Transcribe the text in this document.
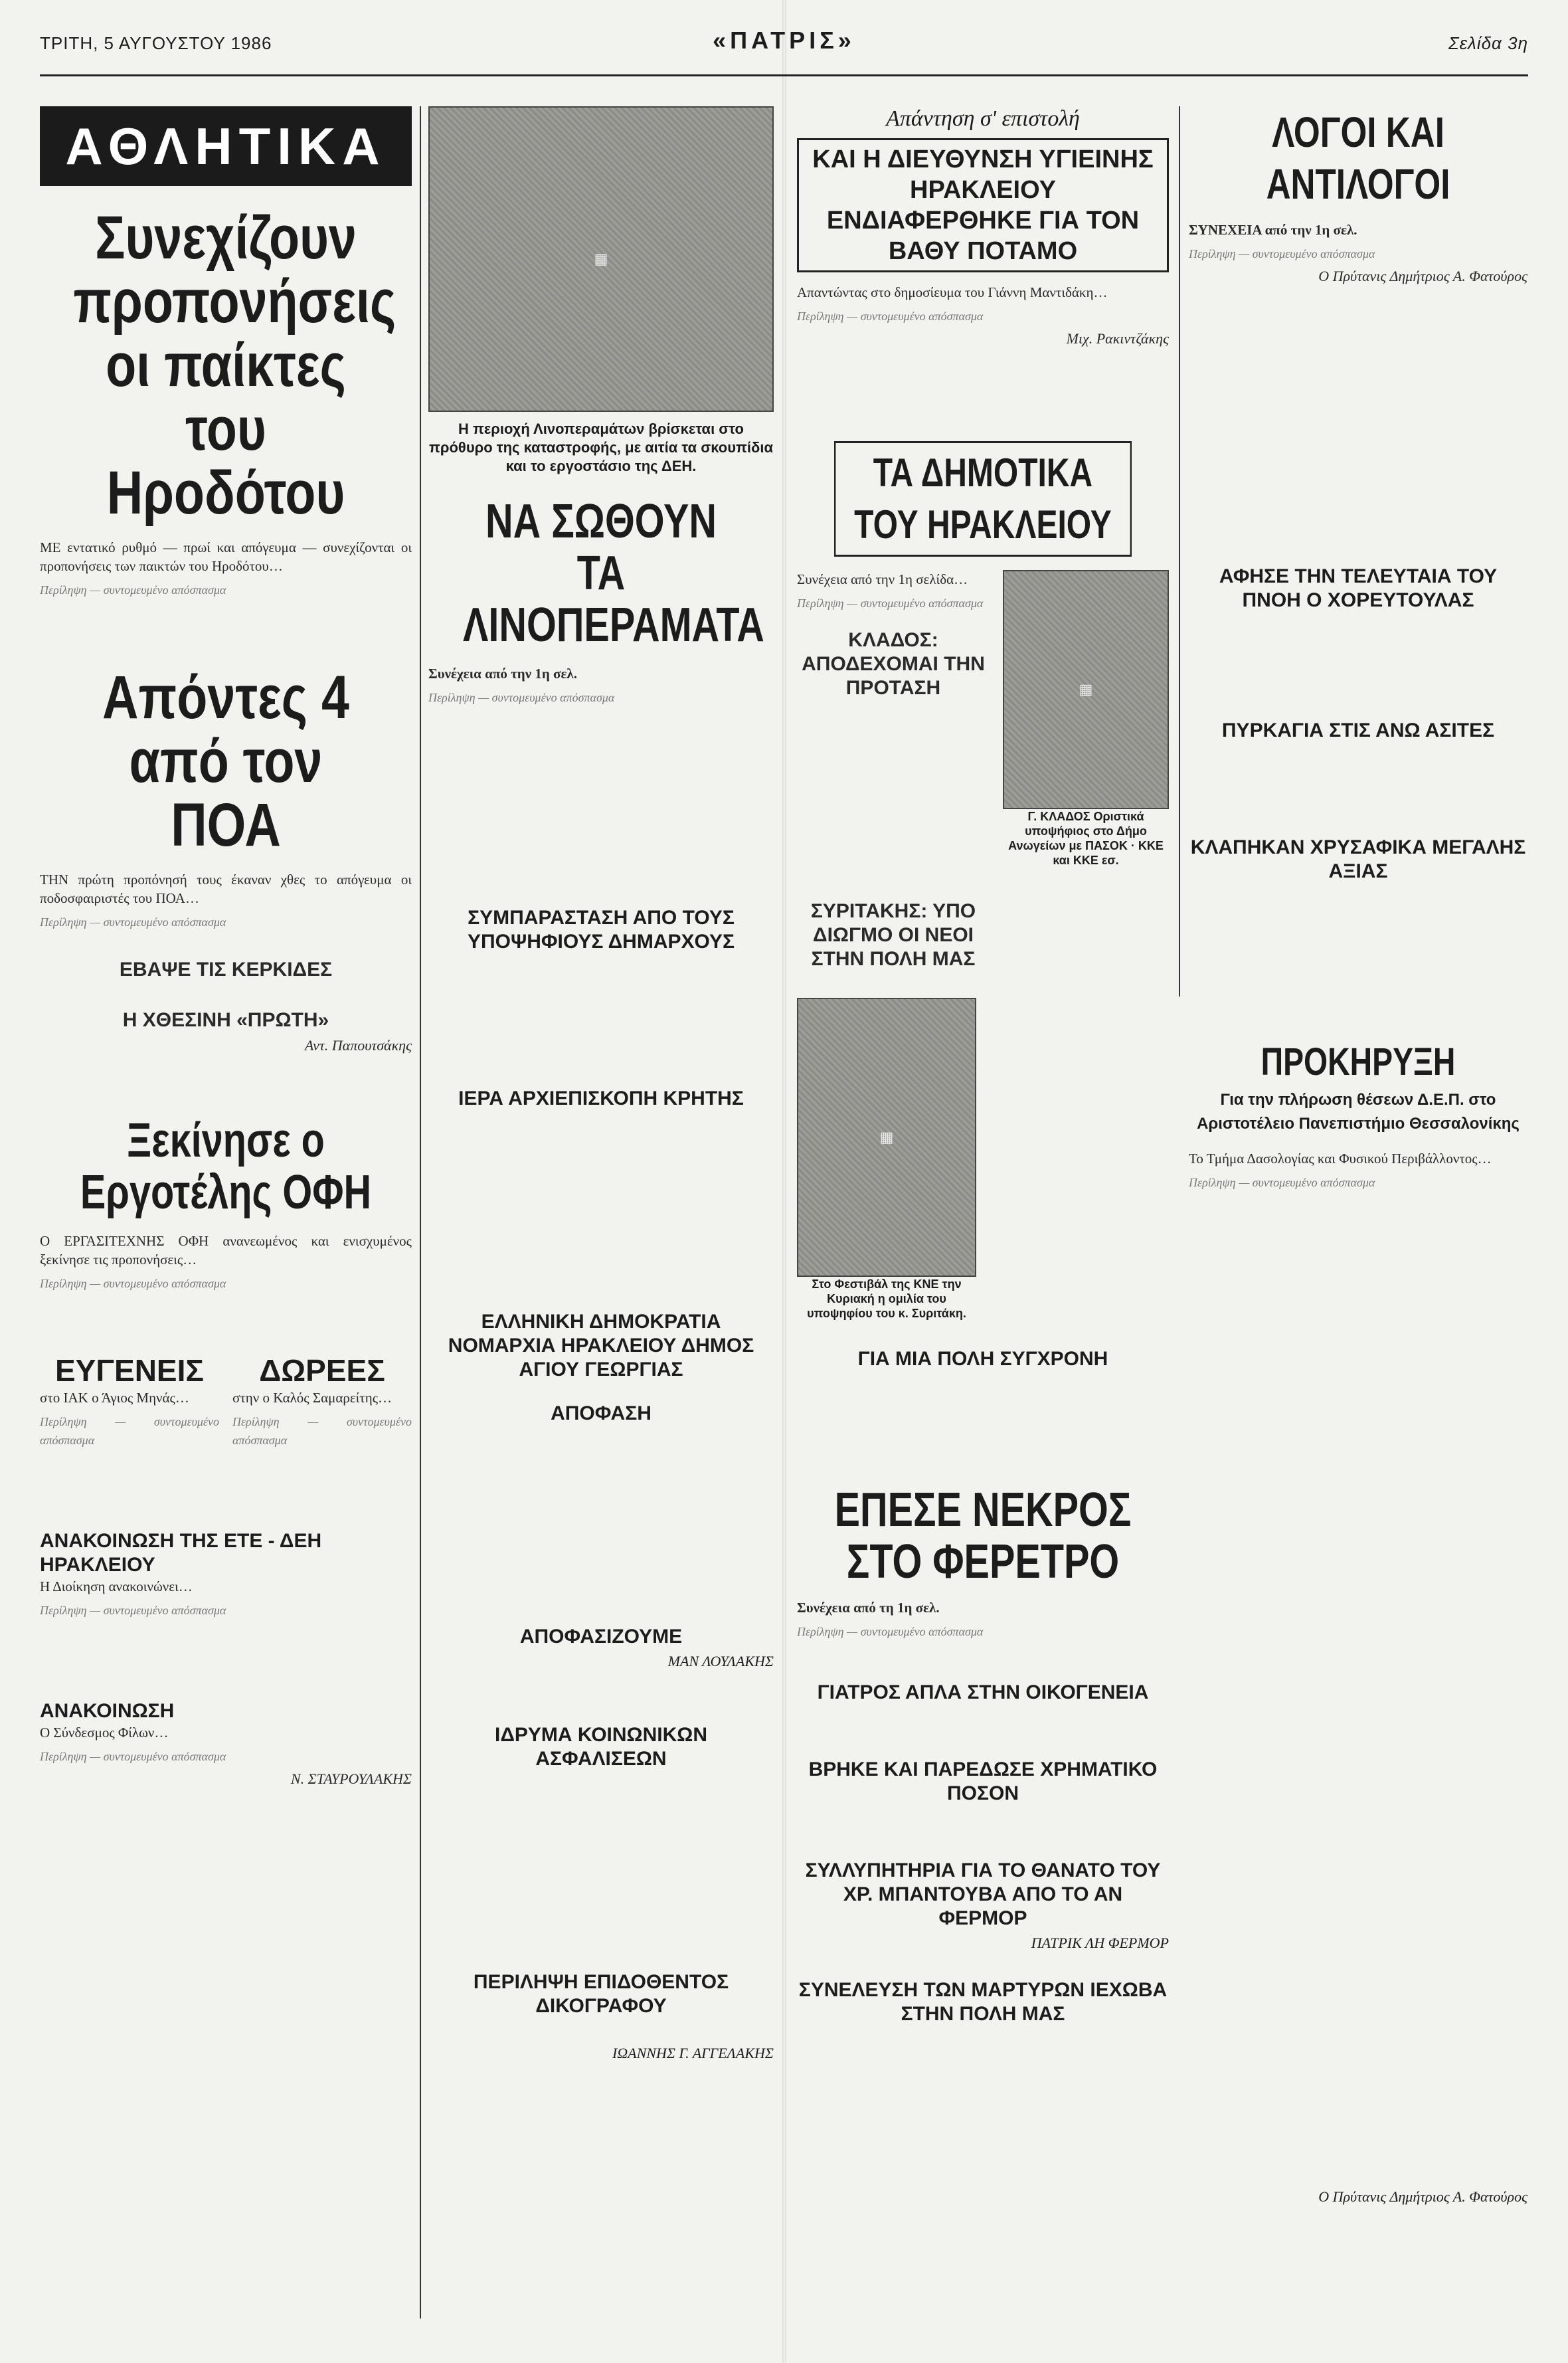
ΤΡΙΤΗ, 5 ΑΥΓΟΥΣΤΟΥ 1986	«ΠΑΤΡΙΣ»	Σελίδα 3η
ΑΘΛΗΤΙΚΑ
Συνεχίζουν προπονήσεις οι παίκτες του Ηροδότου
ΜΕ εντατικό ρυθμό — πρωί και απόγευμα — συνεχίζονται οι προπονήσεις των παικτών του Ηροδότου…
Περίληψη — συντομευμένο απόσπασμα
Απόντες 4 από τον ΠΟΑ
ΤΗΝ πρώτη προπόνησή τους έκαναν χθες το απόγευμα οι ποδοσφαιριστές του ΠΟΑ…
Περίληψη — συντομευμένο απόσπασμα
ΕΒΑΨΕ ΤΙΣ ΚΕΡΚΙΔΕΣ
Η ΧΘΕΣΙΝΗ «ΠΡΩΤΗ»
Αντ. Παπουτσάκης
Ξεκίνησε ο Εργοτέλης ΟΦΗ
Ο ΕΡΓΑΣΙΤΕΧΝΗΣ ΟΦΗ ανανεωμένος και ενισχυμένος ξεκίνησε τις προπονήσεις…
Περίληψη — συντομευμένο απόσπασμα
ΕΥΓΕΝΕΙΣ
στο ΙΑΚ ο Άγιος Μηνάς…
Περίληψη — συντομευμένο απόσπασμα
ΔΩΡΕΕΣ
στην ο Καλός Σαμαρείτης…
Περίληψη — συντομευμένο απόσπασμα
ΑΝΑΚΟΙΝΩΣΗ ΤΗΣ ΕΤΕ - ΔΕΗ ΗΡΑΚΛΕΙΟΥ
Η Διοίκηση ανακοινώνει…
Περίληψη — συντομευμένο απόσπασμα
ΑΝΑΚΟΙΝΩΣΗ
Ο Σύνδεσμος Φίλων…
Περίληψη — συντομευμένο απόσπασμα
Ν. ΣΤΑΥΡΟΥΛΑΚΗΣ
▦
Η περιοχή Λινοπεραμάτων βρίσκεται στο πρόθυρο της καταστροφής, με αιτία τα σκουπίδια και το εργοστάσιο της ΔΕΗ.
ΝΑ ΣΩΘΟΥΝ ΤΑ ΛΙΝΟΠΕΡΑΜΑΤΑ
Συνέχεια από την 1η σελ.
Περίληψη — συντομευμένο απόσπασμα
ΣΥΜΠΑΡΑΣΤΑΣΗ ΑΠΟ ΤΟΥΣ ΥΠΟΨΗΦΙΟΥΣ ΔΗΜΑΡΧΟΥΣ
ΙΕΡΑ ΑΡΧΙΕΠΙΣΚΟΠΗ ΚΡΗΤΗΣ
ΕΛΛΗΝΙΚΗ ΔΗΜΟΚΡΑΤΙΑ ΝΟΜΑΡΧΙΑ ΗΡΑΚΛΕΙΟΥ ΔΗΜΟΣ ΑΓΙΟΥ ΓΕΩΡΓΙΑΣ
ΑΠΟΦΑΣΗ
ΑΠΟΦΑΣΙΖΟΥΜΕ
ΜΑΝ ΛΟΥΛΑΚΗΣ
ΙΔΡΥΜΑ ΚΟΙΝΩΝΙΚΩΝ ΑΣΦΑΛΙΣΕΩΝ
ΠΕΡΙΛΗΨΗ ΕΠΙΔΟΘΕΝΤΟΣ ΔΙΚΟΓΡΑΦΟΥ
ΙΩΑΝΝΗΣ Γ. ΑΓΓΕΛΑΚΗΣ
Απάντηση σ' επιστολή
ΚΑΙ Η ΔΙΕΥΘΥΝΣΗ ΥΓΙΕΙΝΗΣ ΗΡΑΚΛΕΙΟΥ ΕΝΔΙΑΦΕΡΘΗΚΕ ΓΙΑ ΤΟΝ ΒΑΘΥ ΠΟΤΑΜΟ
Απαντώντας στο δημοσίευμα του Γιάννη Μαντιδάκη…
Περίληψη — συντομευμένο απόσπασμα
Μιχ. Ρακιντζάκης
ΤΑ ΔΗΜΟΤΙΚΑ ΤΟΥ ΗΡΑΚΛΕΙΟΥ
Συνέχεια από την 1η σελίδα…
Περίληψη — συντομευμένο απόσπασμα
ΚΛΑΔΟΣ: ΑΠΟΔΕΧΟΜΑΙ ΤΗΝ ΠΡΟΤΑΣΗ
ΣΥΡΙΤΑΚΗΣ: ΥΠΟ ΔΙΩΓΜΟ ΟΙ ΝΕΟΙ ΣΤΗΝ ΠΟΛΗ ΜΑΣ
▦
Γ. ΚΛΑΔΟΣ Οριστικά υποψήφιος στο Δήμο Ανωγείων με ΠΑΣΟΚ · ΚΚΕ και ΚΚΕ εσ.
▦
Στο Φεστιβάλ της ΚΝΕ την Κυριακή η ομιλία του υποψηφίου του κ. Συριτάκη.
ΓΙΑ ΜΙΑ ΠΟΛΗ ΣΥΓΧΡΟΝΗ
ΕΠΕΣΕ ΝΕΚΡΟΣ ΣΤΟ ΦΕΡΕΤΡΟ
Συνέχεια από τη 1η σελ.
Περίληψη — συντομευμένο απόσπασμα
ΓΙΑΤΡΟΣ ΑΠΛΑ ΣΤΗΝ ΟΙΚΟΓΕΝΕΙΑ
ΒΡΗΚΕ ΚΑΙ ΠΑΡΕΔΩΣΕ ΧΡΗΜΑΤΙΚΟ ΠΟΣΟΝ
ΣΥΛΛΥΠΗΤΗΡΙΑ ΓΙΑ ΤΟ ΘΑΝΑΤΟ ΤΟΥ ΧΡ. ΜΠΑΝΤΟΥΒΑ ΑΠΟ ΤΟ ΑΝ ΦΕΡΜΟΡ
ΠΑΤΡΙΚ ΛΗ ΦΕΡΜΟΡ
ΣΥΝΕΛΕΥΣΗ ΤΩΝ ΜΑΡΤΥΡΩΝ ΙΕΧΩΒΑ ΣΤΗΝ ΠΟΛΗ ΜΑΣ
ΛΟΓΟΙ ΚΑΙ ΑΝΤΙΛΟΓΟΙ
ΣΥΝΕΧΕΙΑ από την 1η σελ.
Περίληψη — συντομευμένο απόσπασμα
Ο Πρύτανις Δημήτριος Α. Φατούρος
ΑΦΗΣΕ ΤΗΝ ΤΕΛΕΥΤΑΙΑ ΤΟΥ ΠΝΟΗ Ο ΧΟΡΕΥΤΟΥΛΑΣ
ΠΥΡΚΑΓΙΑ ΣΤΙΣ ΑΝΩ ΑΣΙΤΕΣ
ΚΛΑΠΗΚΑΝ ΧΡΥΣΑΦΙΚΑ ΜΕΓΑΛΗΣ ΑΞΙΑΣ
ΠΡΟΚΗΡΥΞΗ
Για την πλήρωση θέσεων Δ.Ε.Π. στο Αριστοτέλειο Πανεπιστήμιο Θεσσαλονίκης
Το Τμήμα Δασολογίας και Φυσικού Περιβάλλοντος…
Περίληψη — συντομευμένο απόσπασμα
Ο Πρύτανις Δημήτριος Α. Φατούρος
